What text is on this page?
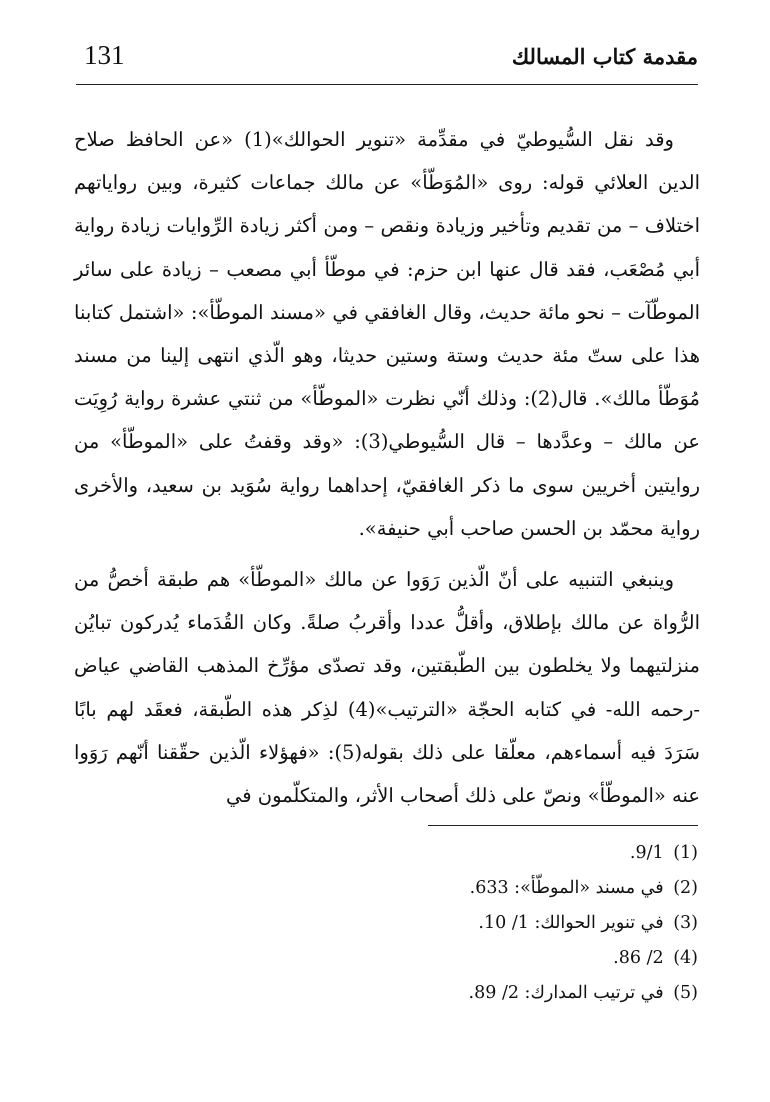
131	مقدمة كتاب المسالك

وقد نقل السُّيوطيّ في مقدِّمة «تنوير الحوالك»(1) «عن الحافظ صلاح الدين العلائي قوله: روى «المُوَطّأ» عن مالك جماعات كثيرة، وبين رواياتهم اختلاف – من تقديم وتأخير وزيادة ونقص – ومن أكثر زيادة الرِّوايات زيادة رواية أبي مُصْعَب، فقد قال عنها ابن حزم: في موطّأ أبي مصعب – زيادة على سائر الموطّآت – نحو مائة حديث، وقال الغافقي في «مسند الموطّأ»: «اشتمل كتابنا هذا على ستّ مئة حديث وستة وستين حديثا، وهو الّذي انتهى إلينا من مسند مُوَطّأ مالك». قال(2): وذلك أنّي نظرت «الموطّأ» من ثنتي عشرة رواية رُوِيَت عن مالك – وعدَّدها – قال السُّيوطي(3): «وقد وقفتُ على «الموطّأ» من روايتين أخريين سوى ما ذكر الغافقيّ، إحداهما رواية سُوَيد بن سعيد، والأخرى رواية محمّد بن الحسن صاحب أبي حنيفة».

وينبغي التنبيه على أنّ الّذين رَوَوا عن مالك «الموطّأ» هم طبقة أخصُّ من الرُّواة عن مالك بإطلاق، وأقلُّ عددا وأقربُ صلةً. وكان القُدَماء يُدركون تبايُن منزلتيهما ولا يخلطون بين الطّبقتين، وقد تصدّى مؤرِّخ المذهب القاضي عياض -رحمه الله- في كتابه الحجّة «الترتيب»(4) لذِكر هذه الطّبقة، فعقَد لهم بابًا سَرَدَ فيه أسماءهم، معلّقا على ذلك بقوله(5): «فهؤلاء الّذين حقّقنا أنّهم رَوَوا عنه «الموطّأ» ونصّ على ذلك أصحاب الأثر، والمتكلّمون في

(1) 9/1.
(2) في مسند «الموطّأ»: 633.
(3) في تنوير الحوالك: 1/ 10.
(4) 2/ 86.
(5) في ترتيب المدارك: 2/ 89.
